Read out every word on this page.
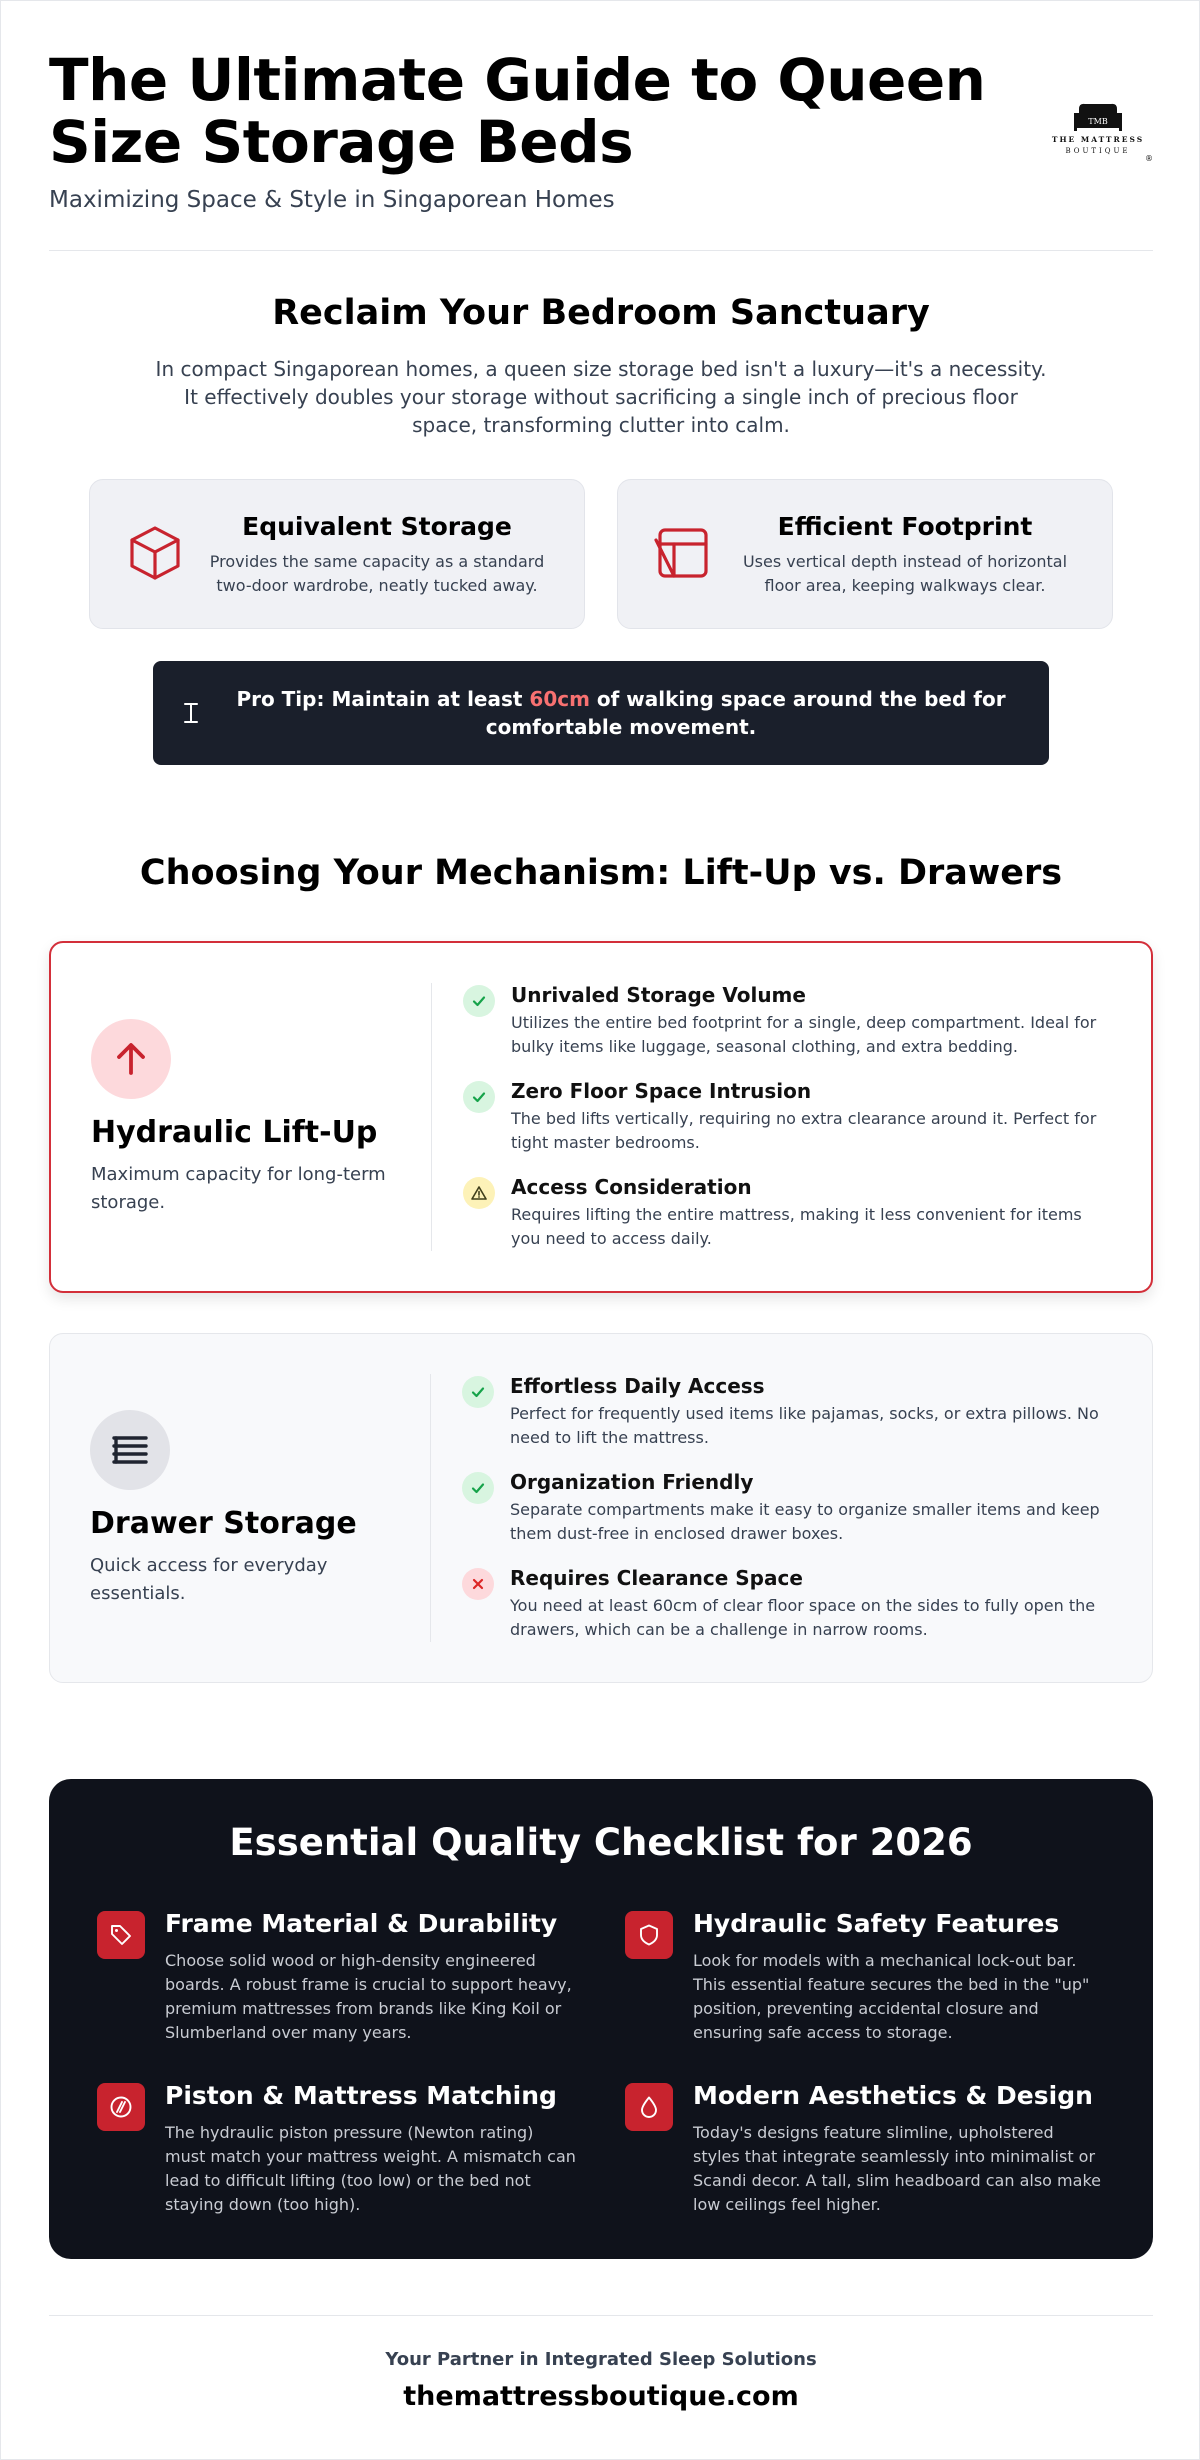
The Ultimate Guide to Queen Size Storage Beds
Maximizing Space & Style in Singaporean Homes
TMB
THE MATTRESS
BOUTIQUE
®
Reclaim Your Bedroom Sanctuary

In compact Singaporean homes, a queen size storage bed isn't a luxury—it's a necessity. It effectively doubles your storage without sacrificing a single inch of precious floor space, transforming clutter into calm.

Equivalent Storage
Provides the same capacity as a standard two-door wardrobe, neatly tucked away.
Efficient Footprint
Uses vertical depth instead of horizontal floor area, keeping walkways clear.
Pro Tip: Maintain at least 60cm of walking space around the bed for comfortable movement.
Choosing Your Mechanism: Lift-Up vs. Drawers
Hydraulic Lift-Up
Maximum capacity for long-term storage.
Unrivaled Storage Volume
Utilizes the entire bed footprint for a single, deep compartment. Ideal for bulky items like luggage, seasonal clothing, and extra bedding.
Zero Floor Space Intrusion
The bed lifts vertically, requiring no extra clearance around it. Perfect for tight master bedrooms.
Access Consideration
Requires lifting the entire mattress, making it less convenient for items you need to access daily.
Drawer Storage
Quick access for everyday essentials.
Effortless Daily Access
Perfect for frequently used items like pajamas, socks, or extra pillows. No need to lift the mattress.
Organization Friendly
Separate compartments make it easy to organize smaller items and keep them dust-free in enclosed drawer boxes.
Requires Clearance Space
You need at least 60cm of clear floor space on the sides to fully open the drawers, which can be a challenge in narrow rooms.
Essential Quality Checklist for 2026
Frame Material & Durability
Choose solid wood or high-density engineered boards. A robust frame is crucial to support heavy, premium mattresses from brands like King Koil or Slumberland over many years.
Hydraulic Safety Features
Look for models with a mechanical lock-out bar. This essential feature secures the bed in the "up" position, preventing accidental closure and ensuring safe access to storage.
Piston & Mattress Matching
The hydraulic piston pressure (Newton rating) must match your mattress weight. A mismatch can lead to difficult lifting (too low) or the bed not staying down (too high).
Modern Aesthetics & Design
Today's designs feature slimline, upholstered styles that integrate seamlessly into minimalist or Scandi decor. A tall, slim headboard can also make low ceilings feel higher.
Your Partner in Integrated Sleep Solutions
themattressboutique.com
